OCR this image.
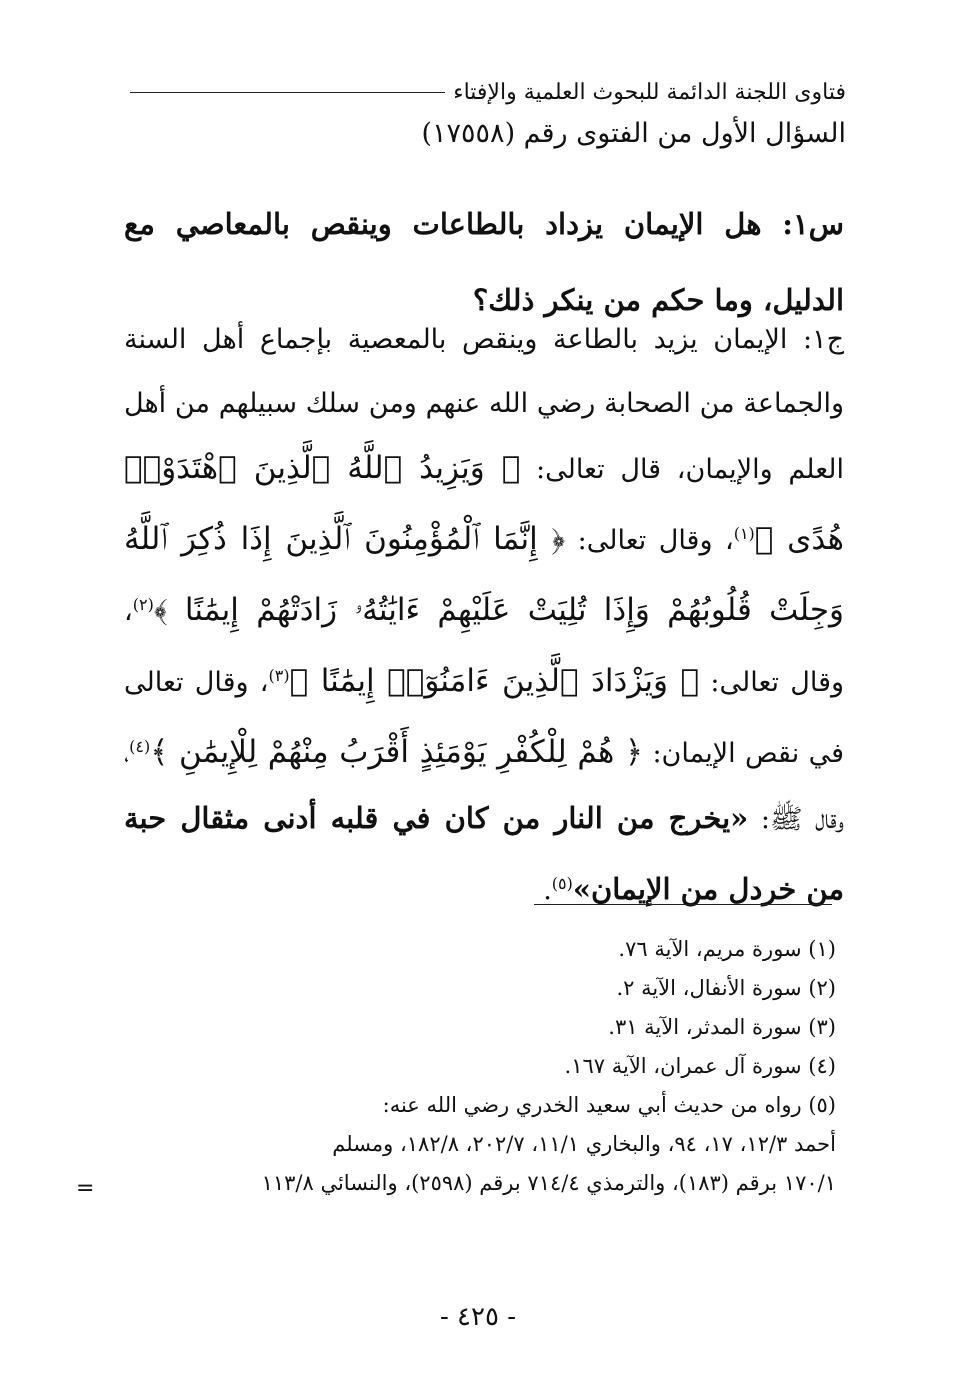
فتاوى اللجنة الدائمة للبحوث العلمية والإفتاء
السؤال الأول من الفتوى رقم (١٧٥٥٨)
س١: هل الإيمان يزداد بالطاعات وينقص بالمعاصي مع الدليل، وما حكم من ينكر ذلك؟
ج١: الإيمان يزيد بالطاعة وينقص بالمعصية بإجماع أهل السنة والجماعة من الصحابة رضي الله عنهم ومن سلك سبيلهم من أهل العلم والإيمان، قال تعالى: ﴿ وَيَزِيدُ ٱللَّهُ ٱلَّذِينَ ٱهْتَدَوْا۟ هُدًى ﴾$^{(١)}$، وقال تعالى: ﴿ إِنَّمَا ٱلْمُؤْمِنُونَ ٱلَّذِينَ إِذَا ذُكِرَ ٱللَّهُ وَجِلَتْ قُلُوبُهُمْ وَإِذَا تُلِيَتْ عَلَيْهِمْ ءَايَٰتُهُۥ زَادَتْهُمْ إِيمَٰنًا ﴾$^{(٢)}$، وقال تعالى: ﴿ وَيَزْدَادَ ٱلَّذِينَ ءَامَنُوٓا۟ إِيمَٰنًا ﴾$^{(٣)}$، وقال تعالى في نقص الإيمان: ﴿ هُمْ لِلْكُفْرِ يَوْمَئِذٍ أَقْرَبُ مِنْهُمْ لِلْإِيمَٰنِ ﴾$^{(٤)}$، وقال ﷺ: «يخرج من النار من كان في قلبه أدنى مثقال حبة من خردل من الإيمان»$^{(٥)}$.
(١) سورة مريم، الآية ٧٦.
(٢) سورة الأنفال، الآية ٢.
(٣) سورة المدثر، الآية ٣١.
(٤) سورة آل عمران، الآية ١٦٧.
(٥) رواه من حديث أبي سعيد الخدري رضي الله عنه:
أحمد ١٢/٣، ١٧، ٩٤، والبخاري ١١/١، ٢٠٢/٧، ١٨٢/٨، ومسلم
١٧٠/١ برقم (١٨٣)، والترمذي ٧١٤/٤ برقم (٢٥٩٨)، والنسائي ١١٣/٨
=
- ٤٢٥ -
